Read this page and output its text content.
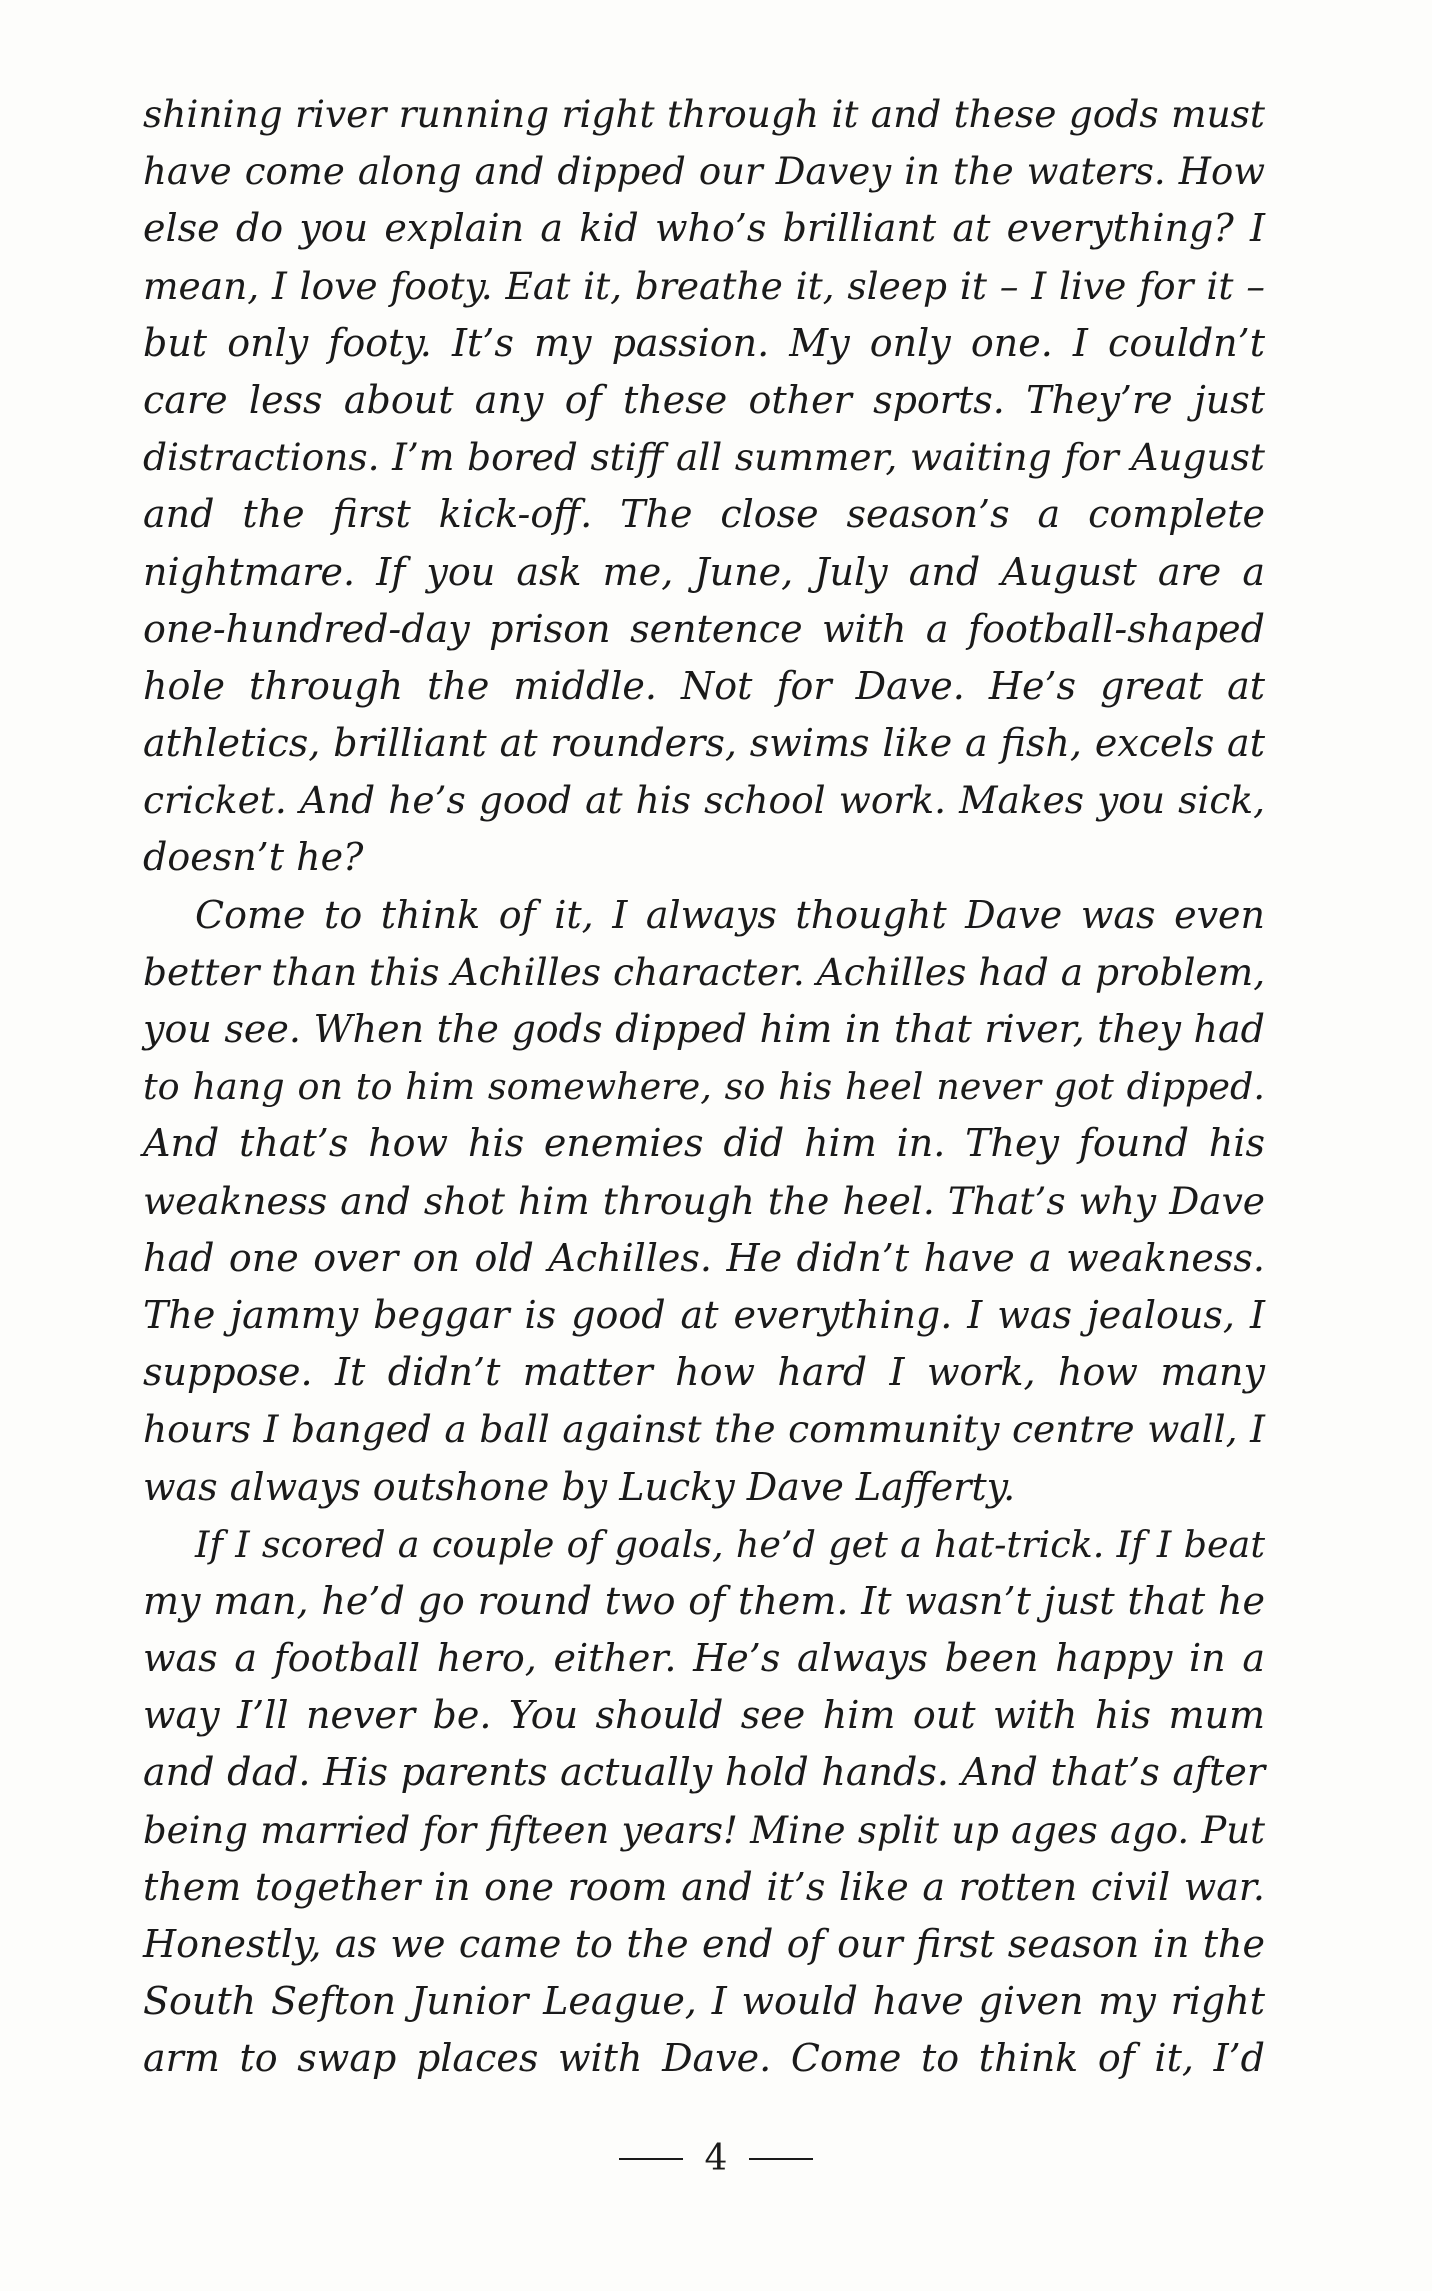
shining river running right through it and these gods must
have come along and dipped our Davey in the waters. How
else do you explain a kid who’s brilliant at everything? I
mean, I love footy. Eat it, breathe it, sleep it – I live for it –
but only footy. It’s my passion. My only one. I couldn’t
care less about any of these other sports. They’re just
distractions. I’m bored stiff all summer, waiting for August
and the first kick-off. The close season’s a complete
nightmare. If you ask me, June, July and August are a
one-hundred-day prison sentence with a football-shaped
hole through the middle. Not for Dave. He’s great at
athletics, brilliant at rounders, swims like a fish, excels at
cricket. And he’s good at his school work. Makes you sick,
doesn’t he?
Come to think of it, I always thought Dave was even
better than this Achilles character. Achilles had a problem,
you see. When the gods dipped him in that river, they had
to hang on to him somewhere, so his heel never got dipped.
And that’s how his enemies did him in. They found his
weakness and shot him through the heel. That’s why Dave
had one over on old Achilles. He didn’t have a weakness.
The jammy beggar is good at everything. I was jealous, I
suppose. It didn’t matter how hard I work, how many
hours I banged a ball against the community centre wall, I
was always outshone by Lucky Dave Lafferty.
If I scored a couple of goals, he’d get a hat-trick. If I beat
my man, he’d go round two of them. It wasn’t just that he
was a football hero, either. He’s always been happy in a
way I’ll never be. You should see him out with his mum
and dad. His parents actually hold hands. And that’s after
being married for fifteen years! Mine split up ages ago. Put
them together in one room and it’s like a rotten civil war.
Honestly, as we came to the end of our first season in the
South Sefton Junior League, I would have given my right
arm to swap places with Dave. Come to think of it, I’d
4
